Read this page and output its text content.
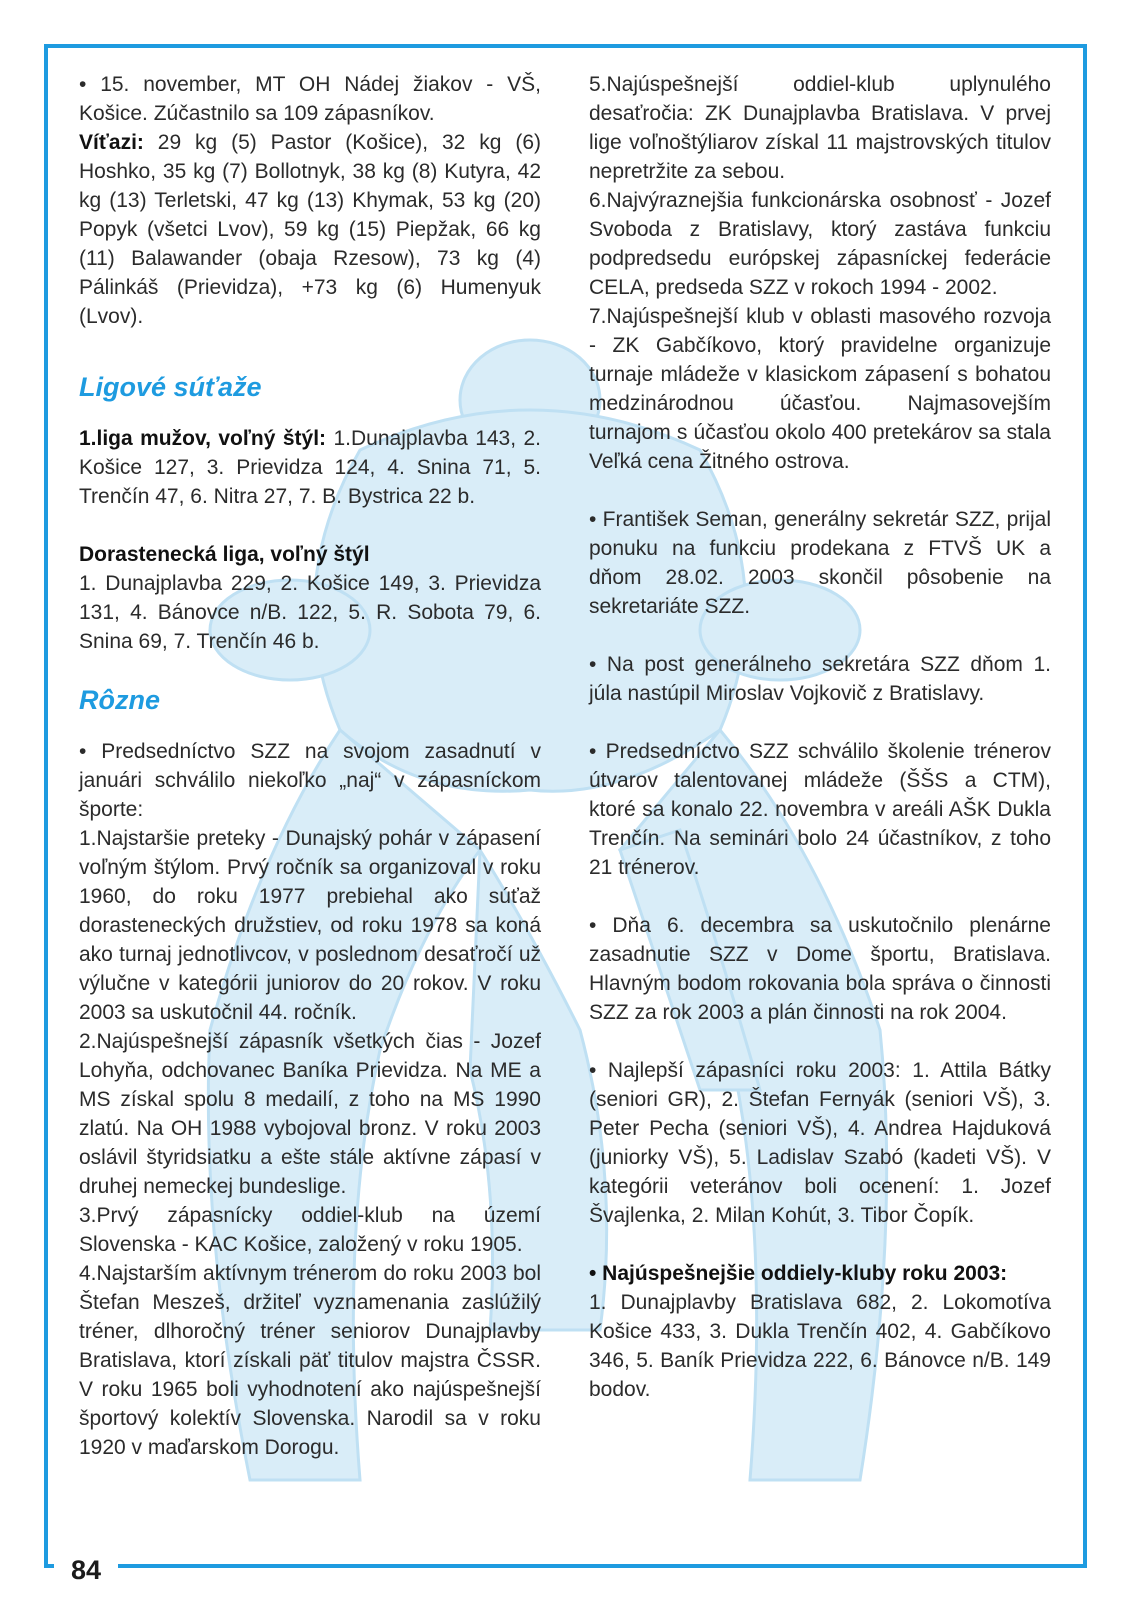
84

• 15. november, MT OH Nádej žiakov - VŠ, Košice. Zúčastnilo sa 109 zápasníkov.

Víťazi: 29 kg (5) Pastor (Košice), 32 kg (6) Hoshko, 35 kg (7) Bollotnyk, 38 kg (8) Kutyra, 42 kg (13) Terletski, 47 kg (13) Khymak, 53 kg (20) Popyk (všetci Lvov), 59 kg (15) Piepžak, 66 kg (11) Balawander (obaja Rzesow), 73 kg (4) Pálinkáš (Prievidza), +73 kg (6) Humenyuk (Lvov).

Ligové súťaže

1.liga mužov, voľný štýl: 1.Dunajplavba 143, 2. Košice 127, 3. Prievidza 124, 4. Snina 71, 5. Trenčín 47, 6. Nitra 27, 7. B. Bystrica 22 b.

Dorastenecká liga, voľný štýl

1. Dunajplavba 229, 2. Košice 149, 3. Prievidza 131, 4. Bánovce n/B. 122, 5. R. Sobota 79, 6. Snina 69, 7. Trenčín 46 b.

Rôzne

• Predsedníctvo SZZ na svojom zasadnutí v januári schválilo niekoľko „naj“ v zápasníckom športe:

1.Najstaršie preteky - Dunajský pohár v zápasení voľným štýlom. Prvý ročník sa organizoval v roku 1960, do roku 1977 prebiehal ako súťaž dorasteneckých družstiev, od roku 1978 sa koná ako turnaj jednotlivcov, v poslednom desaťročí už výlučne v kategórii juniorov do 20 rokov. V roku 2003 sa uskutočnil 44. ročník.

2.Najúspešnejší zápasník všetkých čias - Jozef Lohyňa, odchovanec Baníka Prievidza. Na ME a MS získal spolu 8 medailí, z toho na MS 1990 zlatú. Na OH 1988 vybojoval bronz. V roku 2003 oslávil štyridsiatku a ešte stále aktívne zápasí v druhej nemeckej bundeslige.

3.Prvý zápasnícky oddiel-klub na území Slovenska - KAC Košice, založený v roku 1905.

4.Najstarším aktívnym trénerom do roku 2003 bol Štefan Meszeš, držiteľ vyznamenania zaslúžilý tréner, dlhoročný tréner seniorov Dunajplavby Bratislava, ktorí získali päť titulov majstra ČSSR. V roku 1965 boli vyhodnotení ako najúspešnejší športový kolektív Slovenska. Narodil sa v roku 1920 v maďarskom Dorogu.

5.Najúspešnejší oddiel-klub uplynulého desaťročia: ZK Dunajplavba Bratislava. V prvej lige voľnoštýliarov získal 11 majstrovských titulov nepretržite za sebou.

6.Najvýraznejšia funkcionárska osobnosť - Jozef Svoboda z Bratislavy, ktorý zastáva funkciu podpredsedu európskej zápasníckej federácie CELA, predseda SZZ v rokoch 1994 - 2002.

7.Najúspešnejší klub v oblasti masového rozvoja - ZK Gabčíkovo, ktorý pravidelne organizuje turnaje mládeže v klasickom zápasení s bohatou medzinárodnou účasťou. Najmasovejším turnajom s účasťou okolo 400 pretekárov sa stala Veľká cena Žitného ostrova.

• František Seman, generálny sekretár SZZ, prijal ponuku na funkciu prodekana z FTVŠ UK a dňom 28.02. 2003 skončil pôsobenie na sekretariáte SZZ.

• Na post generálneho sekretára SZZ dňom 1. júla nastúpil Miroslav Vojkovič z Bratislavy.

• Predsedníctvo SZZ schválilo školenie trénerov útvarov talentovanej mládeže (ŠŠS a CTM), ktoré sa konalo 22. novembra v areáli AŠK Dukla Trenčín. Na seminári bolo 24 účastníkov, z toho 21 trénerov.

• Dňa 6. decembra sa uskutočnilo plenárne zasadnutie SZZ v Dome športu, Bratislava. Hlavným bodom rokovania bola správa o činnosti SZZ za rok 2003 a plán činnosti na rok 2004.

• Najlepší zápasníci roku 2003: 1. Attila Bátky (seniori GR), 2. Štefan Fernyák (seniori VŠ), 3. Peter Pecha (seniori VŠ), 4. Andrea Hajduková (juniorky VŠ), 5. Ladislav Szabó (kadeti VŠ). V kategórii veteránov boli ocenení: 1. Jozef Švajlenka, 2. Milan Kohút, 3. Tibor Čopík.

• Najúspešnejšie oddiely-kluby roku 2003:

1. Dunajplavby Bratislava 682, 2. Lokomotíva Košice 433, 3. Dukla Trenčín 402, 4. Gabčíkovo 346, 5. Baník Prievidza 222, 6. Bánovce n/B. 149 bodov.
